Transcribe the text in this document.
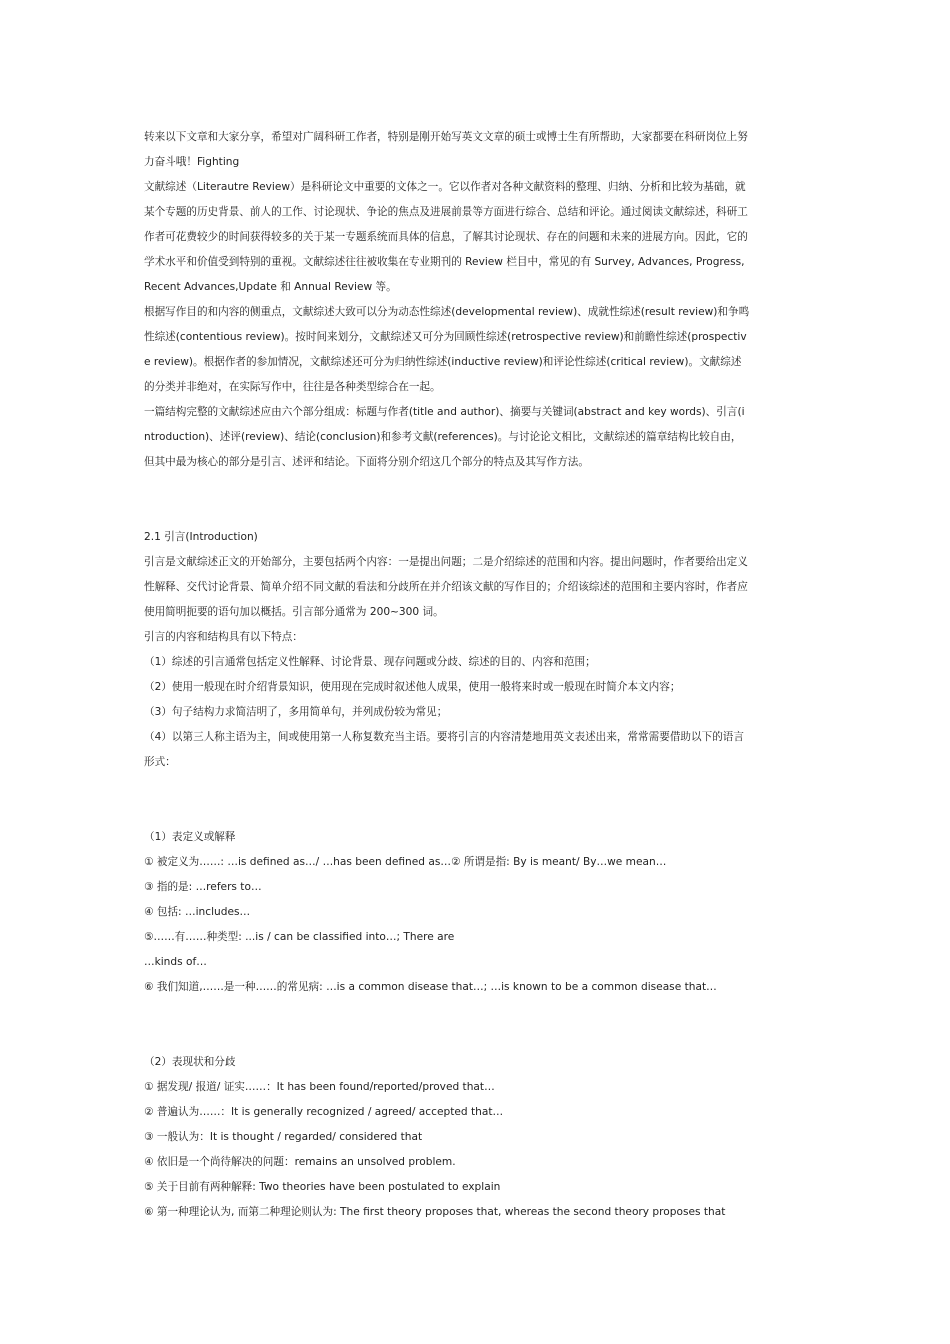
转来以下文章和大家分享，希望对广阔科研工作者，特别是刚开始写英文文章的硕士或博士生有所帮助，大家都要在科研岗位上努力奋斗哦！Fighting

文献综述（Literautre Review）是科研论文中重要的文体之一。它以作者对各种文献资料的整理、归纳、分析和比较为基础，就某个专题的历史背景、前人的工作、讨论现状、争论的焦点及进展前景等方面进行综合、总结和评论。通过阅读文献综述，科研工作者可花费较少的时间获得较多的关于某一专题系统而具体的信息，了解其讨论现状、存在的问题和未来的进展方向。因此，它的学术水平和价值受到特别的重视。文献综述往往被收集在专业期刊的 Review 栏目中，常见的有 Survey, Advances, Progress, Recent Advances,Update 和 Annual Review 等。

根据写作目的和内容的侧重点，文献综述大致可以分为动态性综述(developmental review)、成就性综述(result review)和争鸣性综述(contentious review)。按时间来划分，文献综述又可分为回顾性综述(retrospective review)和前瞻性综述(prospective review)。根据作者的参加情况，文献综述还可分为归纳性综述(inductive review)和评论性综述(critical review)。文献综述的分类并非绝对，在实际写作中，往往是各种类型综合在一起。

一篇结构完整的文献综述应由六个部分组成：标题与作者(title and author)、摘要与关键词(abstract and key words)、引言(introduction)、述评(review)、结论(conclusion)和参考文献(references)。与讨论论文相比，文献综述的篇章结构比较自由，但其中最为核心的部分是引言、述评和结论。下面将分别介绍这几个部分的特点及其写作方法。

2.1 引言(Introduction)

引言是文献综述正文的开始部分，主要包括两个内容：一是提出问题；二是介绍综述的范围和内容。提出问题时，作者要给出定义性解释、交代讨论背景、简单介绍不同文献的看法和分歧所在并介绍该文献的写作目的；介绍该综述的范围和主要内容时，作者应使用简明扼要的语句加以概括。引言部分通常为 200~300 词。

引言的内容和结构具有以下特点：

（1）综述的引言通常包括定义性解释、讨论背景、现存问题或分歧、综述的目的、内容和范围；

（2）使用一般现在时介绍背景知识，使用现在完成时叙述他人成果，使用一般将来时或一般现在时简介本文内容；

（3）句子结构力求简洁明了，多用简单句，并列成份较为常见；

（4）以第三人称主语为主，间或使用第一人称复数充当主语。要将引言的内容清楚地用英文表述出来，常常需要借助以下的语言形式：

（1）表定义或解释

① 被定义为……: …is defined as…/ …has been defined as…② 所谓是指: By is meant/ By…we mean…

③ 指的是: …refers to…

④ 包括: …includes…

⑤……有……种类型: ...is / can be classified into…; There are

…kinds of…

⑥ 我们知道,……是一种……的常见病: …is a common disease that…; …is known to be a common disease that…

（2）表现状和分歧

① 据发现/ 报道/ 证实……：It has been found/reported/proved that…

② 普遍认为……：It is generally recognized / agreed/ accepted that…

③ 一般认为：It is thought / regarded/ considered that

④ 依旧是一个尚待解决的问题：remains an unsolved problem.

⑤ 关于目前有两种解释: Two theories have been postulated to explain

⑥ 第一种理论认为, 而第二种理论则认为: The first theory proposes that, whereas the second theory proposes that
